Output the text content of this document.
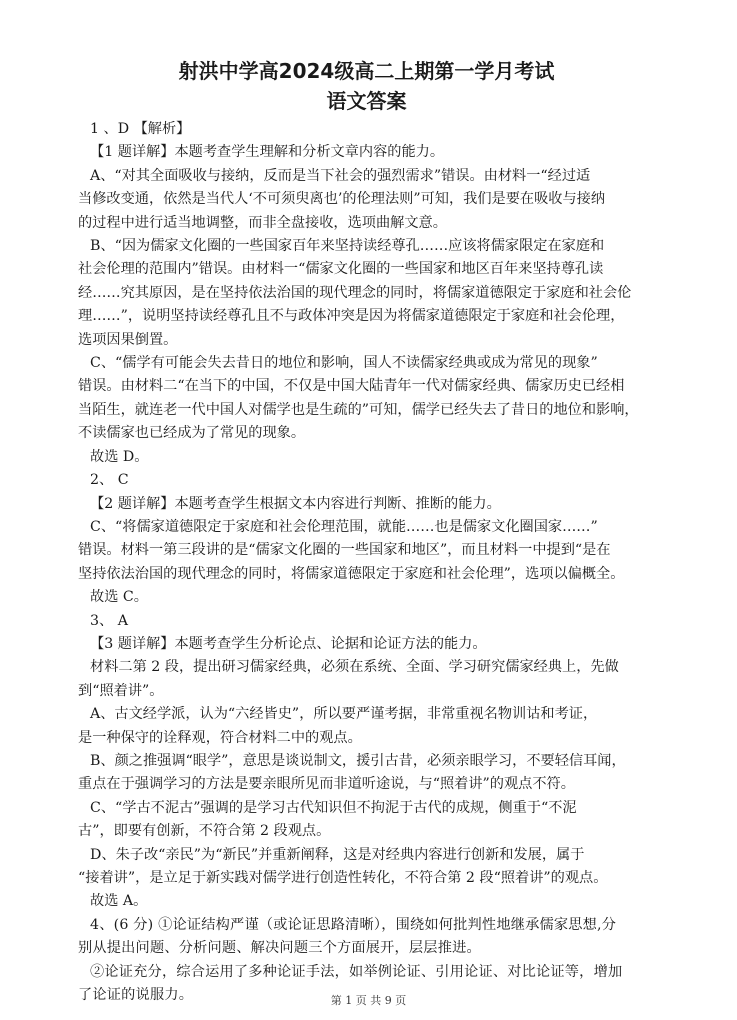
射洪中学高2024级高二上期第一学月考试
语文答案
1 、D 【解析】
【1 题详解】本题考查学生理解和分析文章内容的能力。
A、“对其全面吸收与接纳，反而是当下社会的强烈需求”错误。由材料一“经过适
当修改变通，依然是当代人‘不可须臾离也’的伦理法则”可知，我们是要在吸收与接纳
的过程中进行适当地调整，而非全盘接收，选项曲解文意。
B、“因为儒家文化圈的一些国家百年来坚持读经尊孔……应该将儒家限定在家庭和
社会伦理的范围内”错误。由材料一“儒家文化圈的一些国家和地区百年来坚持尊孔读
经……究其原因，是在坚持依法治国的现代理念的同时，将儒家道德限定于家庭和社会伦
理……”，说明坚持读经尊孔且不与政体冲突是因为将儒家道德限定于家庭和社会伦理，
选项因果倒置。
C、“儒学有可能会失去昔日的地位和影响，国人不读儒家经典或成为常见的现象”
错误。由材料二“在当下的中国，不仅是中国大陆青年一代对儒家经典、儒家历史已经相
当陌生，就连老一代中国人对儒学也是生疏的”可知，儒学已经失去了昔日的地位和影响，
不读儒家也已经成为了常见的现象。
故选 D。
2、 C
【2 题详解】本题考查学生根据文本内容进行判断、推断的能力。
C、“将儒家道德限定于家庭和社会伦理范围，就能……也是儒家文化圈国家……”
错误。材料一第三段讲的是“儒家文化圈的一些国家和地区”，而且材料一中提到“是在
坚持依法治国的现代理念的同时，将儒家道德限定于家庭和社会伦理”，选项以偏概全。
故选 C。
3、 A
【3 题详解】本题考查学生分析论点、论据和论证方法的能力。
材料二第 2 段，提出研习儒家经典，必须在系统、全面、学习研究儒家经典上，先做
到“照着讲”。
A、古文经学派，认为“六经皆史”，所以要严谨考据，非常重视名物训诂和考证，
是一种保守的诠释观，符合材料二中的观点。
B、颜之推强调“眼学”，意思是谈说制文，援引古昔，必须亲眼学习，不要轻信耳闻，
重点在于强调学习的方法是要亲眼所见而非道听途说，与“照着讲”的观点不符。
C、“学古不泥古”强调的是学习古代知识但不拘泥于古代的成规，侧重于“不泥
古”，即要有创新，不符合第 2 段观点。
D、朱子改“亲民”为“新民”并重新阐释，这是对经典内容进行创新和发展，属于
“接着讲”，是立足于新实践对儒学进行创造性转化，不符合第 2 段“照着讲”的观点。
故选 A。
4、(6 分) ①论证结构严谨（或论证思路清晰），围绕如何批判性地继承儒家思想,分
别从提出问题、分析问题、解决问题三个方面展开，层层推进。
②论证充分，综合运用了多种论证手法，如举例论证、引用论证、对比论证等，增加
了论证的说服力。	第 1 页 共 9 页
